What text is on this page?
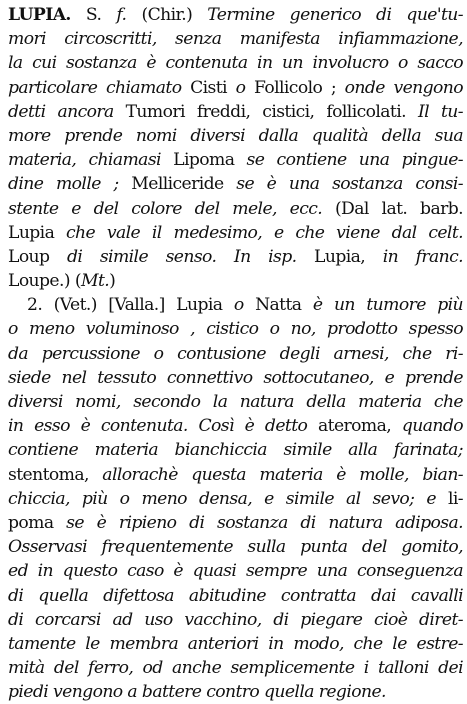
LUPIA. S. f. (Chir.) Termine generico di que'tu-
mori circoscritti, senza manifesta infiammazione,
la cui sostanza è contenuta in un involucro o sacco
particolare chiamato Cisti o Follicolo ; onde vengono
detti ancora Tumori freddi, cistici, follicolati. Il tu-
more prende nomi diversi dalla qualità della sua
materia, chiamasi Lipoma se contiene una pingue-
dine molle ; Melliceride se è una sostanza consi-
stente e del colore del mele, ecc. (Dal lat. barb.
Lupia che vale il medesimo, e che viene dal celt.
Loup di simile senso. In isp. Lupia, in franc.
Loupe.) (Mt.)
2. (Vet.) [Valla.] Lupia o Natta è un tumore più
o meno voluminoso , cistico o no, prodotto spesso
da percussione o contusione degli arnesi, che ri-
siede nel tessuto connettivo sottocutaneo, e prende
diversi nomi, secondo la natura della materia che
in esso è contenuta. Così è detto ateroma, quando
contiene materia bianchiccia simile alla farinata;
stentoma, allorachè questa materia è molle, bian-
chiccia, più o meno densa, e simile al sevo; e li-
poma se è ripieno di sostanza di natura adiposa.
Osservasi frequentemente sulla punta del gomito,
ed in questo caso è quasi sempre una conseguenza
di quella difettosa abitudine contratta dai cavalli
di corcarsi ad uso vacchino, di piegare cioè diret-
tamente le membra anteriori in modo, che le estre-
mità del ferro, od anche semplicemente i talloni dei
piedi vengono a battere contro quella regione.
